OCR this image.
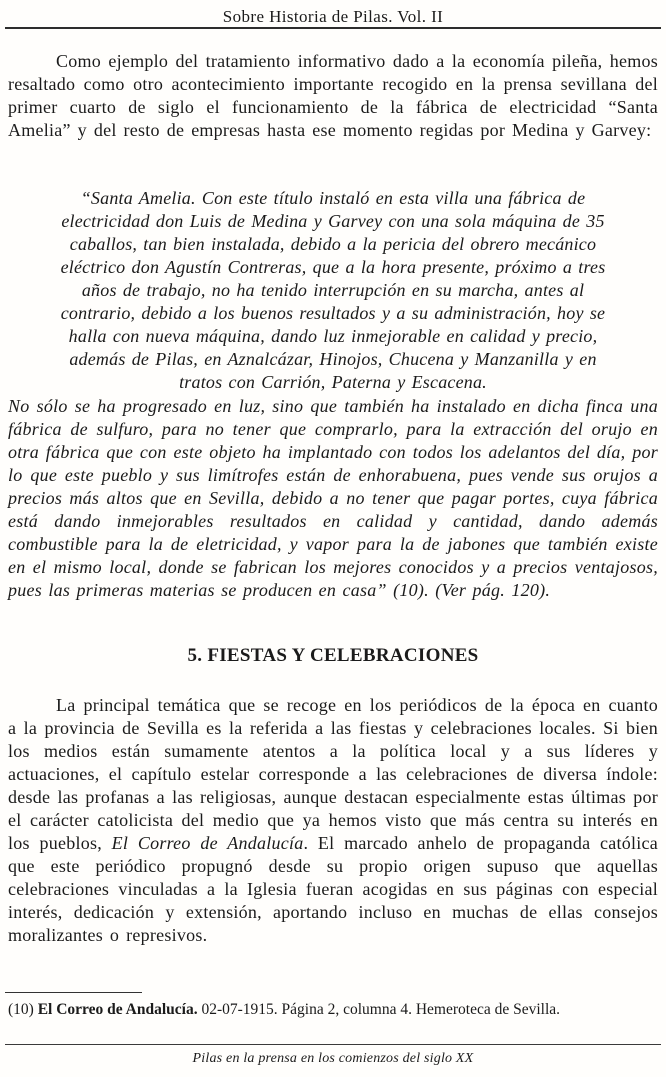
Sobre Historia de Pilas. Vol. II

Como ejemplo del tratamiento informativo dado a la economía pileña, hemos resaltado como otro acontecimiento importante recogido en la prensa sevillana del primer cuarto de siglo el funcionamiento de la fábrica de electricidad “Santa Amelia” y del resto de empresas hasta ese momento regidas por Medina y Garvey:

“Santa Amelia. Con este título instaló en esta villa una fábrica de
electricidad don Luis de Medina y Garvey con una sola máquina de 35
caballos, tan bien instalada, debido a la pericia del obrero mecánico
eléctrico don Agustín Contreras, que a la hora presente, próximo a tres
años de trabajo, no ha tenido interrupción en su marcha, antes al
contrario, debido a los buenos resultados y a su administración, hoy se
halla con nueva máquina, dando luz inmejorable en calidad y precio,
además de Pilas, en Aznalcázar, Hinojos, Chucena y Manzanilla y en
tratos con Carrión, Paterna y Escacena.

No sólo se ha progresado en luz, sino que también ha instalado en dicha finca una fábrica de sulfuro, para no tener que comprarlo, para la extracción del orujo en otra fábrica que con este objeto ha implantado con todos los adelantos del día, por lo que este pueblo y sus limítrofes están de enhorabuena, pues vende sus orujos a precios más altos que en Sevilla, debido a no tener que pagar portes, cuya fábrica está dando inmejorables resultados en calidad y cantidad, dando además combustible para la de eletricidad, y vapor para la de jabones que también existe en el mismo local, donde se fabrican los mejores conocidos y a precios ventajosos, pues las primeras materias se producen en casa” (10). (Ver pág. 120).

5. FIESTAS Y CELEBRACIONES

La principal temática que se recoge en los periódicos de la época en cuanto a la provincia de Sevilla es la referida a las fiestas y celebraciones locales. Si bien los medios están sumamente atentos a la política local y a sus líderes y actuaciones, el capítulo estelar corresponde a las celebraciones de diversa índole: desde las profanas a las religiosas, aunque destacan especialmente estas últimas por el carácter catolicista del medio que ya hemos visto que más centra su interés en los pueblos, El Correo de Andalucía. El marcado anhelo de propaganda católica que este periódico propugnó desde su propio origen supuso que aquellas celebraciones vinculadas a la Iglesia fueran acogidas en sus páginas con especial interés, dedicación y extensión, aportando incluso en muchas de ellas consejos moralizantes o represivos.

(10) El Correo de Andalucía. 02-07-1915. Página 2, columna 4. Hemeroteca de Sevilla.

Pilas en la prensa en los comienzos del siglo XX
